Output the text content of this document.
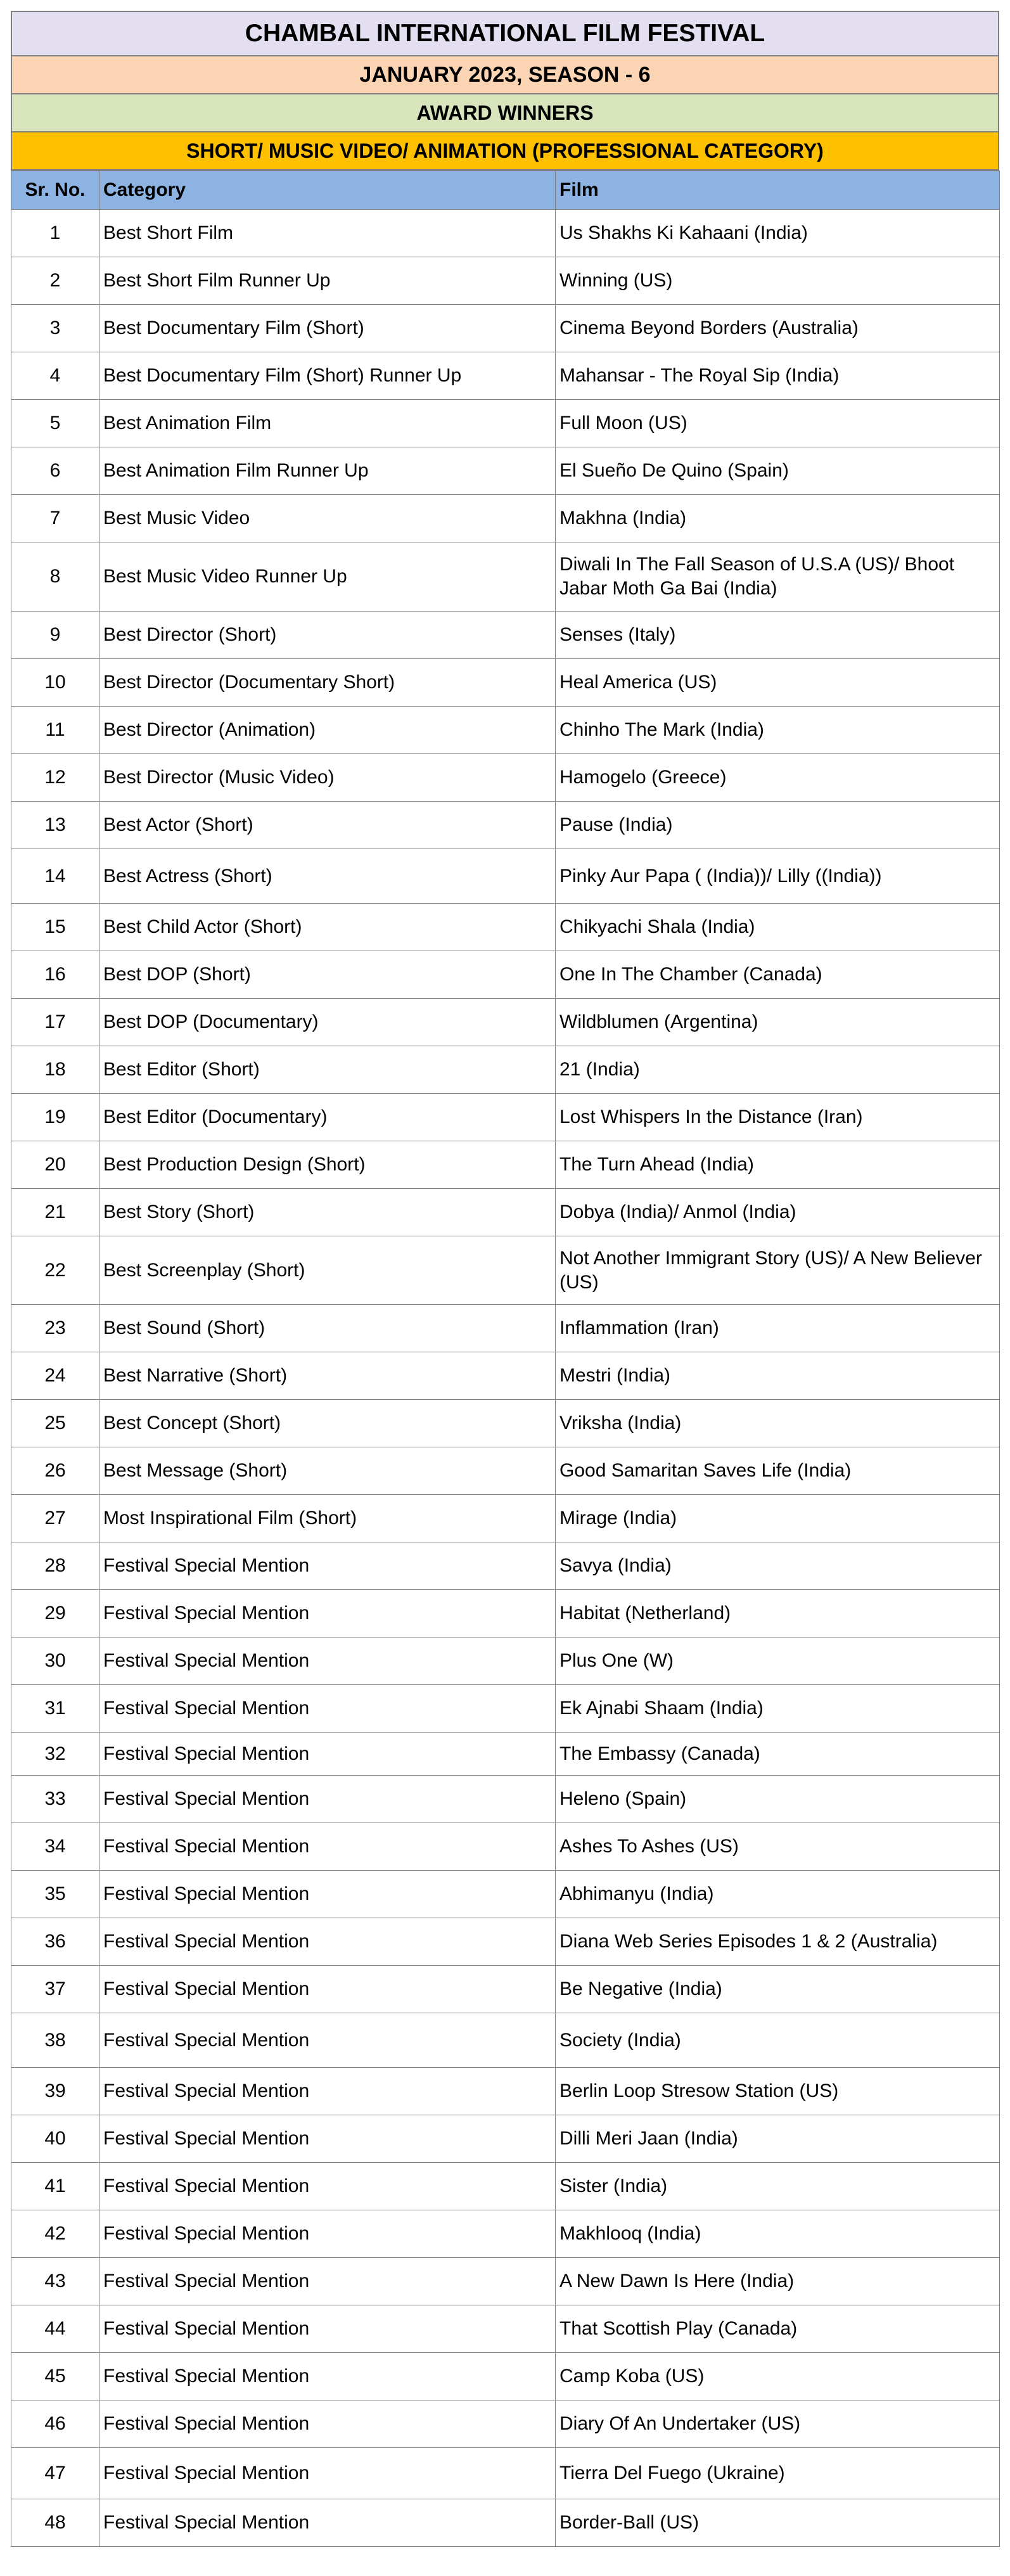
CHAMBAL INTERNATIONAL FILM FESTIVAL
JANUARY 2023, SEASON - 6
AWARD WINNERS
SHORT/ MUSIC VIDEO/ ANIMATION (PROFESSIONAL CATEGORY)
Sr. No.	Category	Film
1	Best Short Film	Us Shakhs Ki Kahaani (India)
2	Best Short Film Runner Up	Winning (US)
3	Best Documentary Film (Short)	Cinema Beyond Borders (Australia)
4	Best Documentary Film (Short) Runner Up	Mahansar - The Royal Sip (India)
5	Best Animation Film	Full Moon (US)
6	Best Animation Film Runner Up	El Sueño De Quino (Spain)
7	Best Music Video	Makhna (India)
8	Best Music Video Runner Up	Diwali In The Fall Season of U.S.A (US)/ Bhoot Jabar Moth Ga Bai (India)
9	Best Director (Short)	Senses (Italy)
10	Best Director (Documentary Short)	Heal America (US)
11	Best Director (Animation)	Chinho The Mark (India)
12	Best Director (Music Video)	Hamogelo (Greece)
13	Best Actor (Short)	Pause (India)
14	Best Actress (Short)	Pinky Aur Papa ( (India))/ Lilly ((India))
15	Best Child Actor (Short)	Chikyachi Shala (India)
16	Best DOP (Short)	One In The Chamber (Canada)
17	Best DOP (Documentary)	Wildblumen (Argentina)
18	Best Editor (Short)	21 (India)
19	Best Editor (Documentary)	Lost Whispers In the Distance (Iran)
20	Best Production Design (Short)	The Turn Ahead (India)
21	Best Story (Short)	Dobya (India)/ Anmol (India)
22	Best Screenplay (Short)	Not Another Immigrant Story (US)/ A New Believer (US)
23	Best Sound (Short)	Inflammation (Iran)
24	Best Narrative (Short)	Mestri (India)
25	Best Concept (Short)	Vriksha (India)
26	Best Message (Short)	Good Samaritan Saves Life (India)
27	Most Inspirational Film (Short)	Mirage (India)
28	Festival Special Mention	Savya (India)
29	Festival Special Mention	Habitat (Netherland)
30	Festival Special Mention	Plus One (W)
31	Festival Special Mention	Ek Ajnabi Shaam (India)
32	Festival Special Mention	The Embassy (Canada)
33	Festival Special Mention	Heleno (Spain)
34	Festival Special Mention	Ashes To Ashes (US)
35	Festival Special Mention	Abhimanyu (India)
36	Festival Special Mention	Diana Web Series Episodes 1 & 2 (Australia)
37	Festival Special Mention	Be Negative (India)
38	Festival Special Mention	Society (India)
39	Festival Special Mention	Berlin Loop Stresow Station (US)
40	Festival Special Mention	Dilli Meri Jaan (India)
41	Festival Special Mention	Sister (India)
42	Festival Special Mention	Makhlooq (India)
43	Festival Special Mention	A New Dawn Is Here (India)
44	Festival Special Mention	That Scottish Play (Canada)
45	Festival Special Mention	Camp Koba (US)
46	Festival Special Mention	Diary Of An Undertaker (US)
47	Festival Special Mention	Tierra Del Fuego (Ukraine)
48	Festival Special Mention	Border-Ball (US)
